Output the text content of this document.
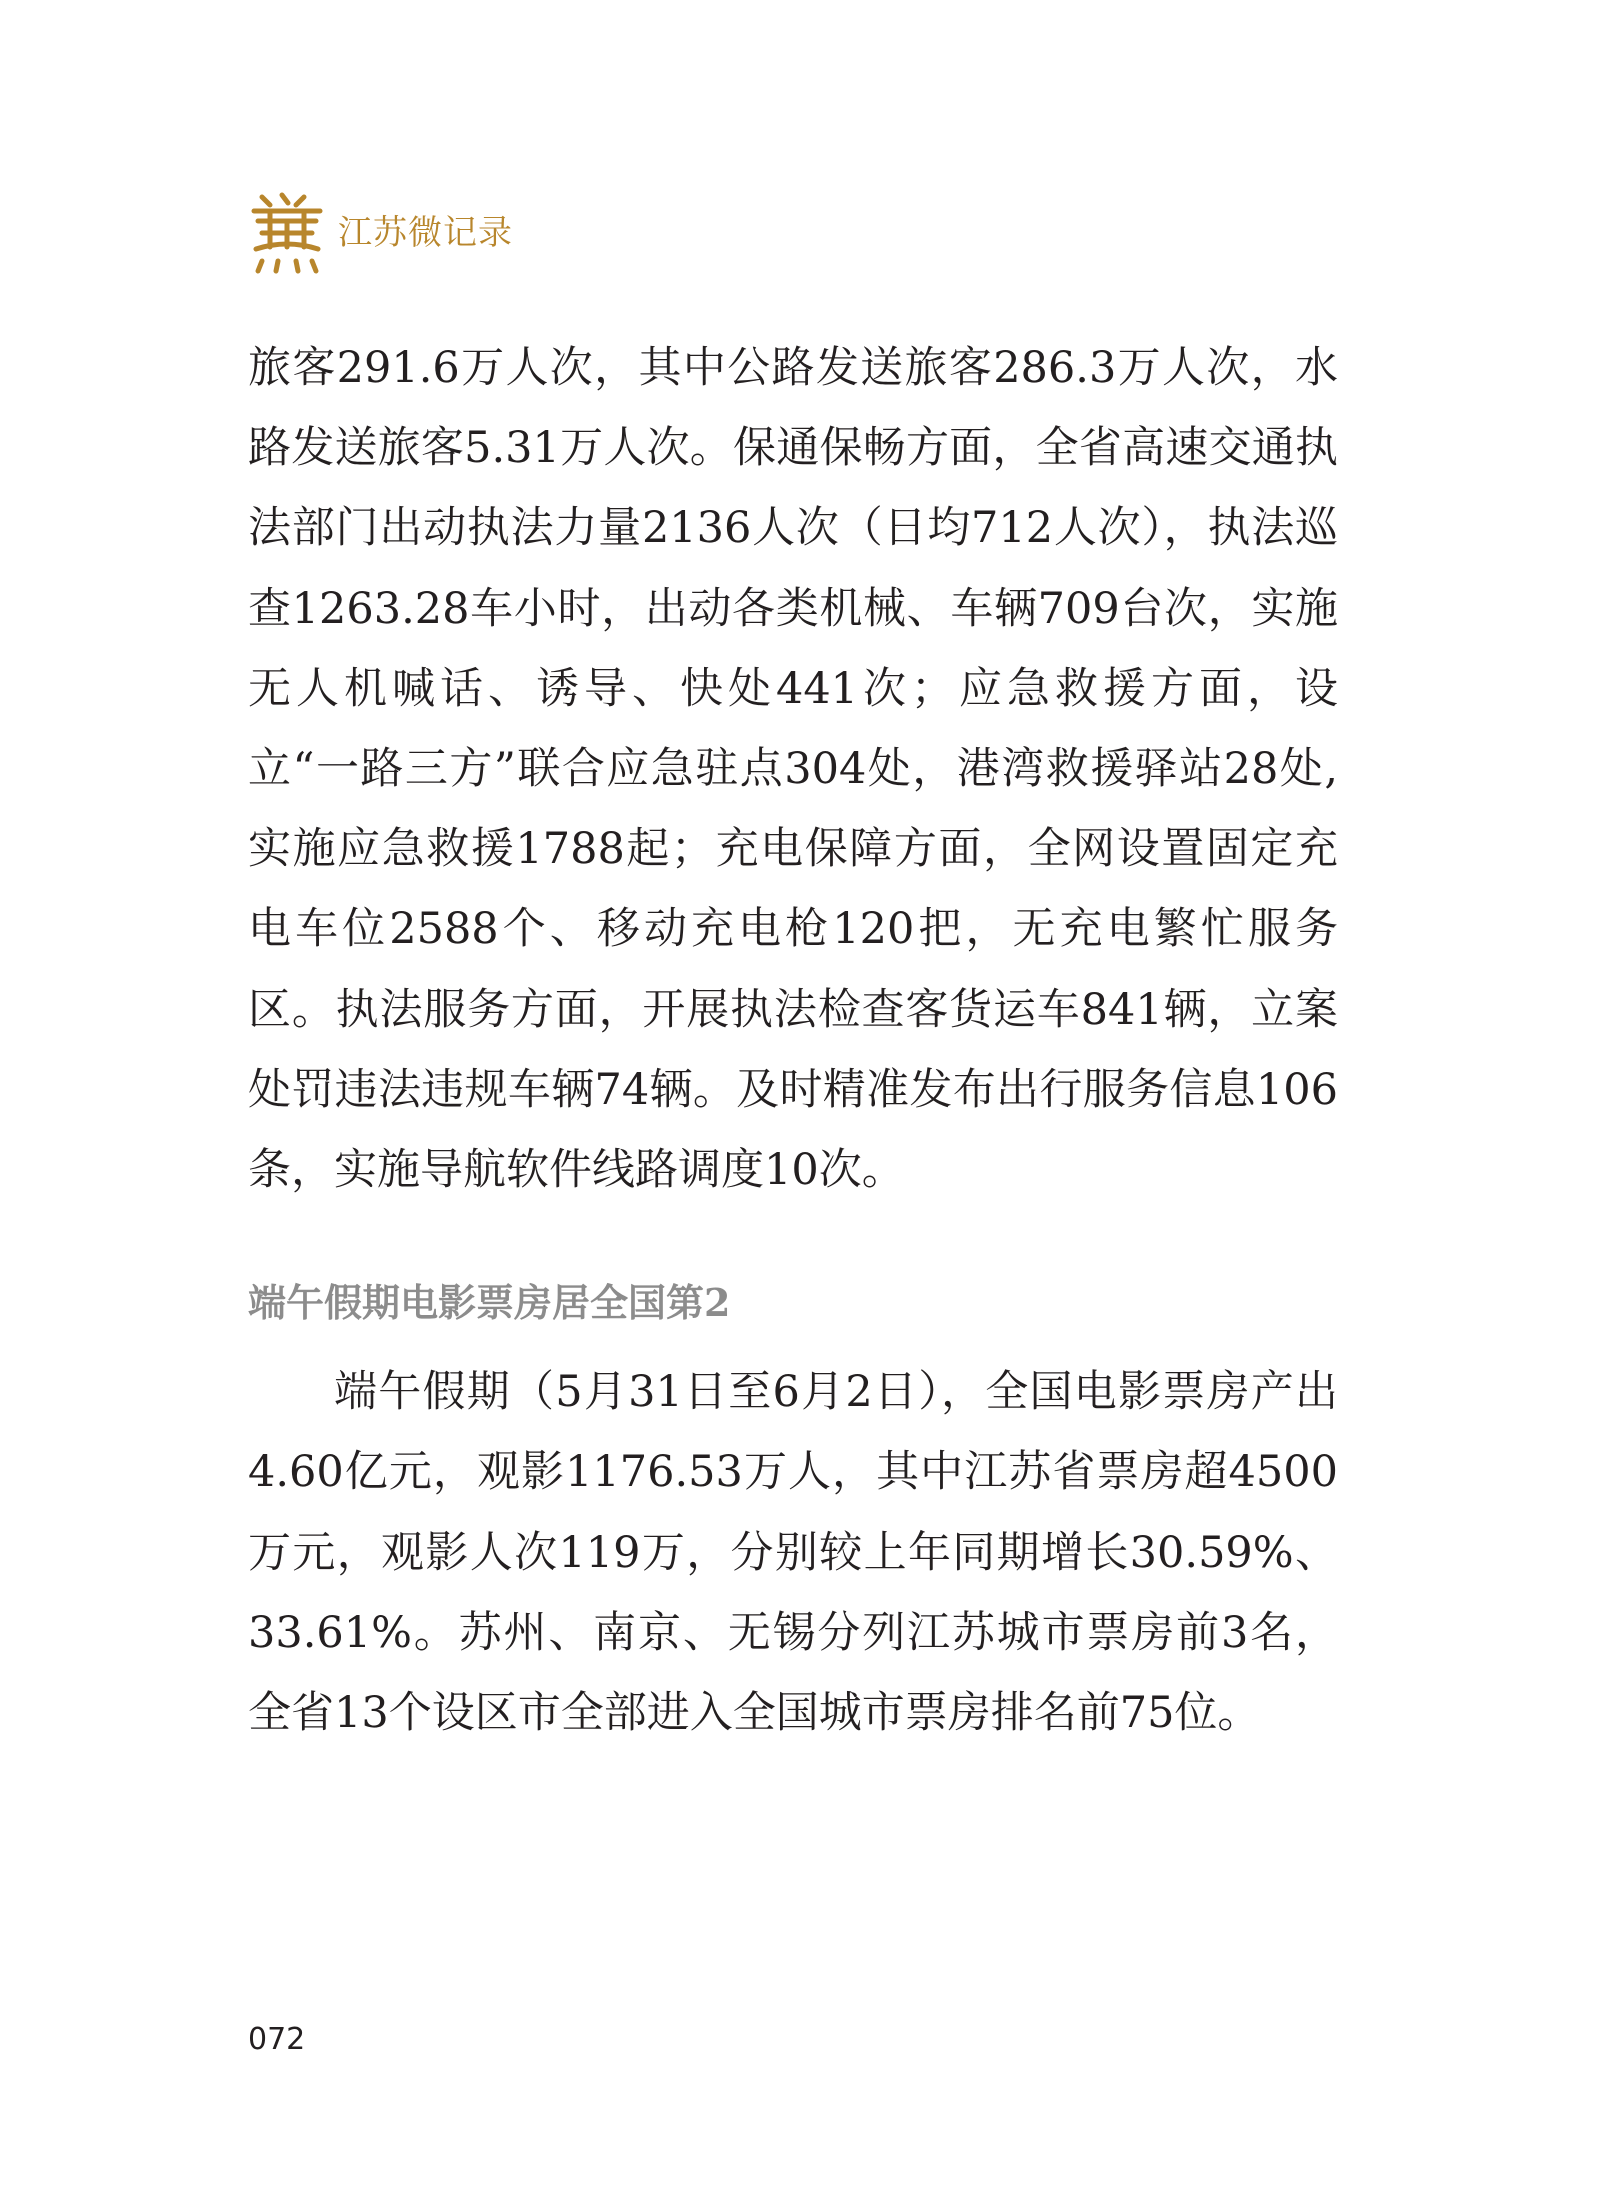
江苏微记录

旅客291.6万人次，其中公路发送旅客286.3万人次，水路发送旅客5.31万人次。保通保畅方面，全省高速交通执法部门出动执法力量2136人次（日均712人次），执法巡查1263.28车小时，出动各类机械、车辆709台次，实施无人机喊话、诱导、快处441次；应急救援方面，设立“一路三方”联合应急驻点304处，港湾救援驿站28处,实施应急救援1788起；充电保障方面，全网设置固定充电车位2588个、移动充电枪120把，无充电繁忙服务区。执法服务方面，开展执法检查客货运车841辆，立案处罚违法违规车辆74辆。及时精准发布出行服务信息106条，实施导航软件线路调度10次。

端午假期电影票房居全国第2

端午假期（5月31日至6月2日），全国电影票房产出4.60亿元，观影1176.53万人，其中江苏省票房超4500万元，观影人次119万，分别较上年同期增长30.59%、33.61%。苏州、南京、无锡分列江苏城市票房前3名，全省13个设区市全部进入全国城市票房排名前75位。

072
